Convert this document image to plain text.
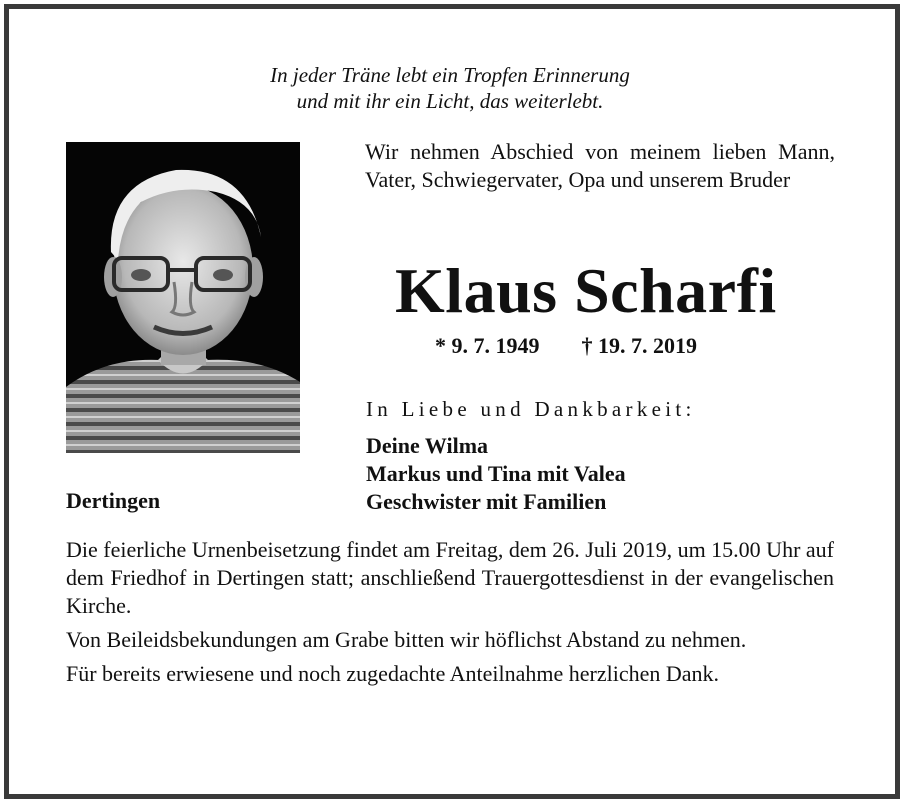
In jeder Träne lebt ein Tropfen Erinnerung
und mit ihr ein Licht, das weiterlebt.
Wir nehmen Abschied von meinem lieben Mann, Vater, Schwiegervater, Opa und unserem Bruder
Klaus Scharfi
* 9. 7. 1949 † 19. 7. 2019
In Liebe und Dankbarkeit:
Deine Wilma
Markus und Tina mit Valea
Geschwister mit Familien
Dertingen

Die feierliche Urnenbeisetzung findet am Freitag, dem 26. Juli 2019, um 15.00 Uhr auf dem Friedhof in Dertingen statt; anschließend Trauergottesdienst in der evangelischen Kirche.

Von Beileidsbekundungen am Grabe bitten wir höflichst Abstand zu nehmen.

Für bereits erwiesene und noch zugedachte Anteilnahme herzlichen Dank.
